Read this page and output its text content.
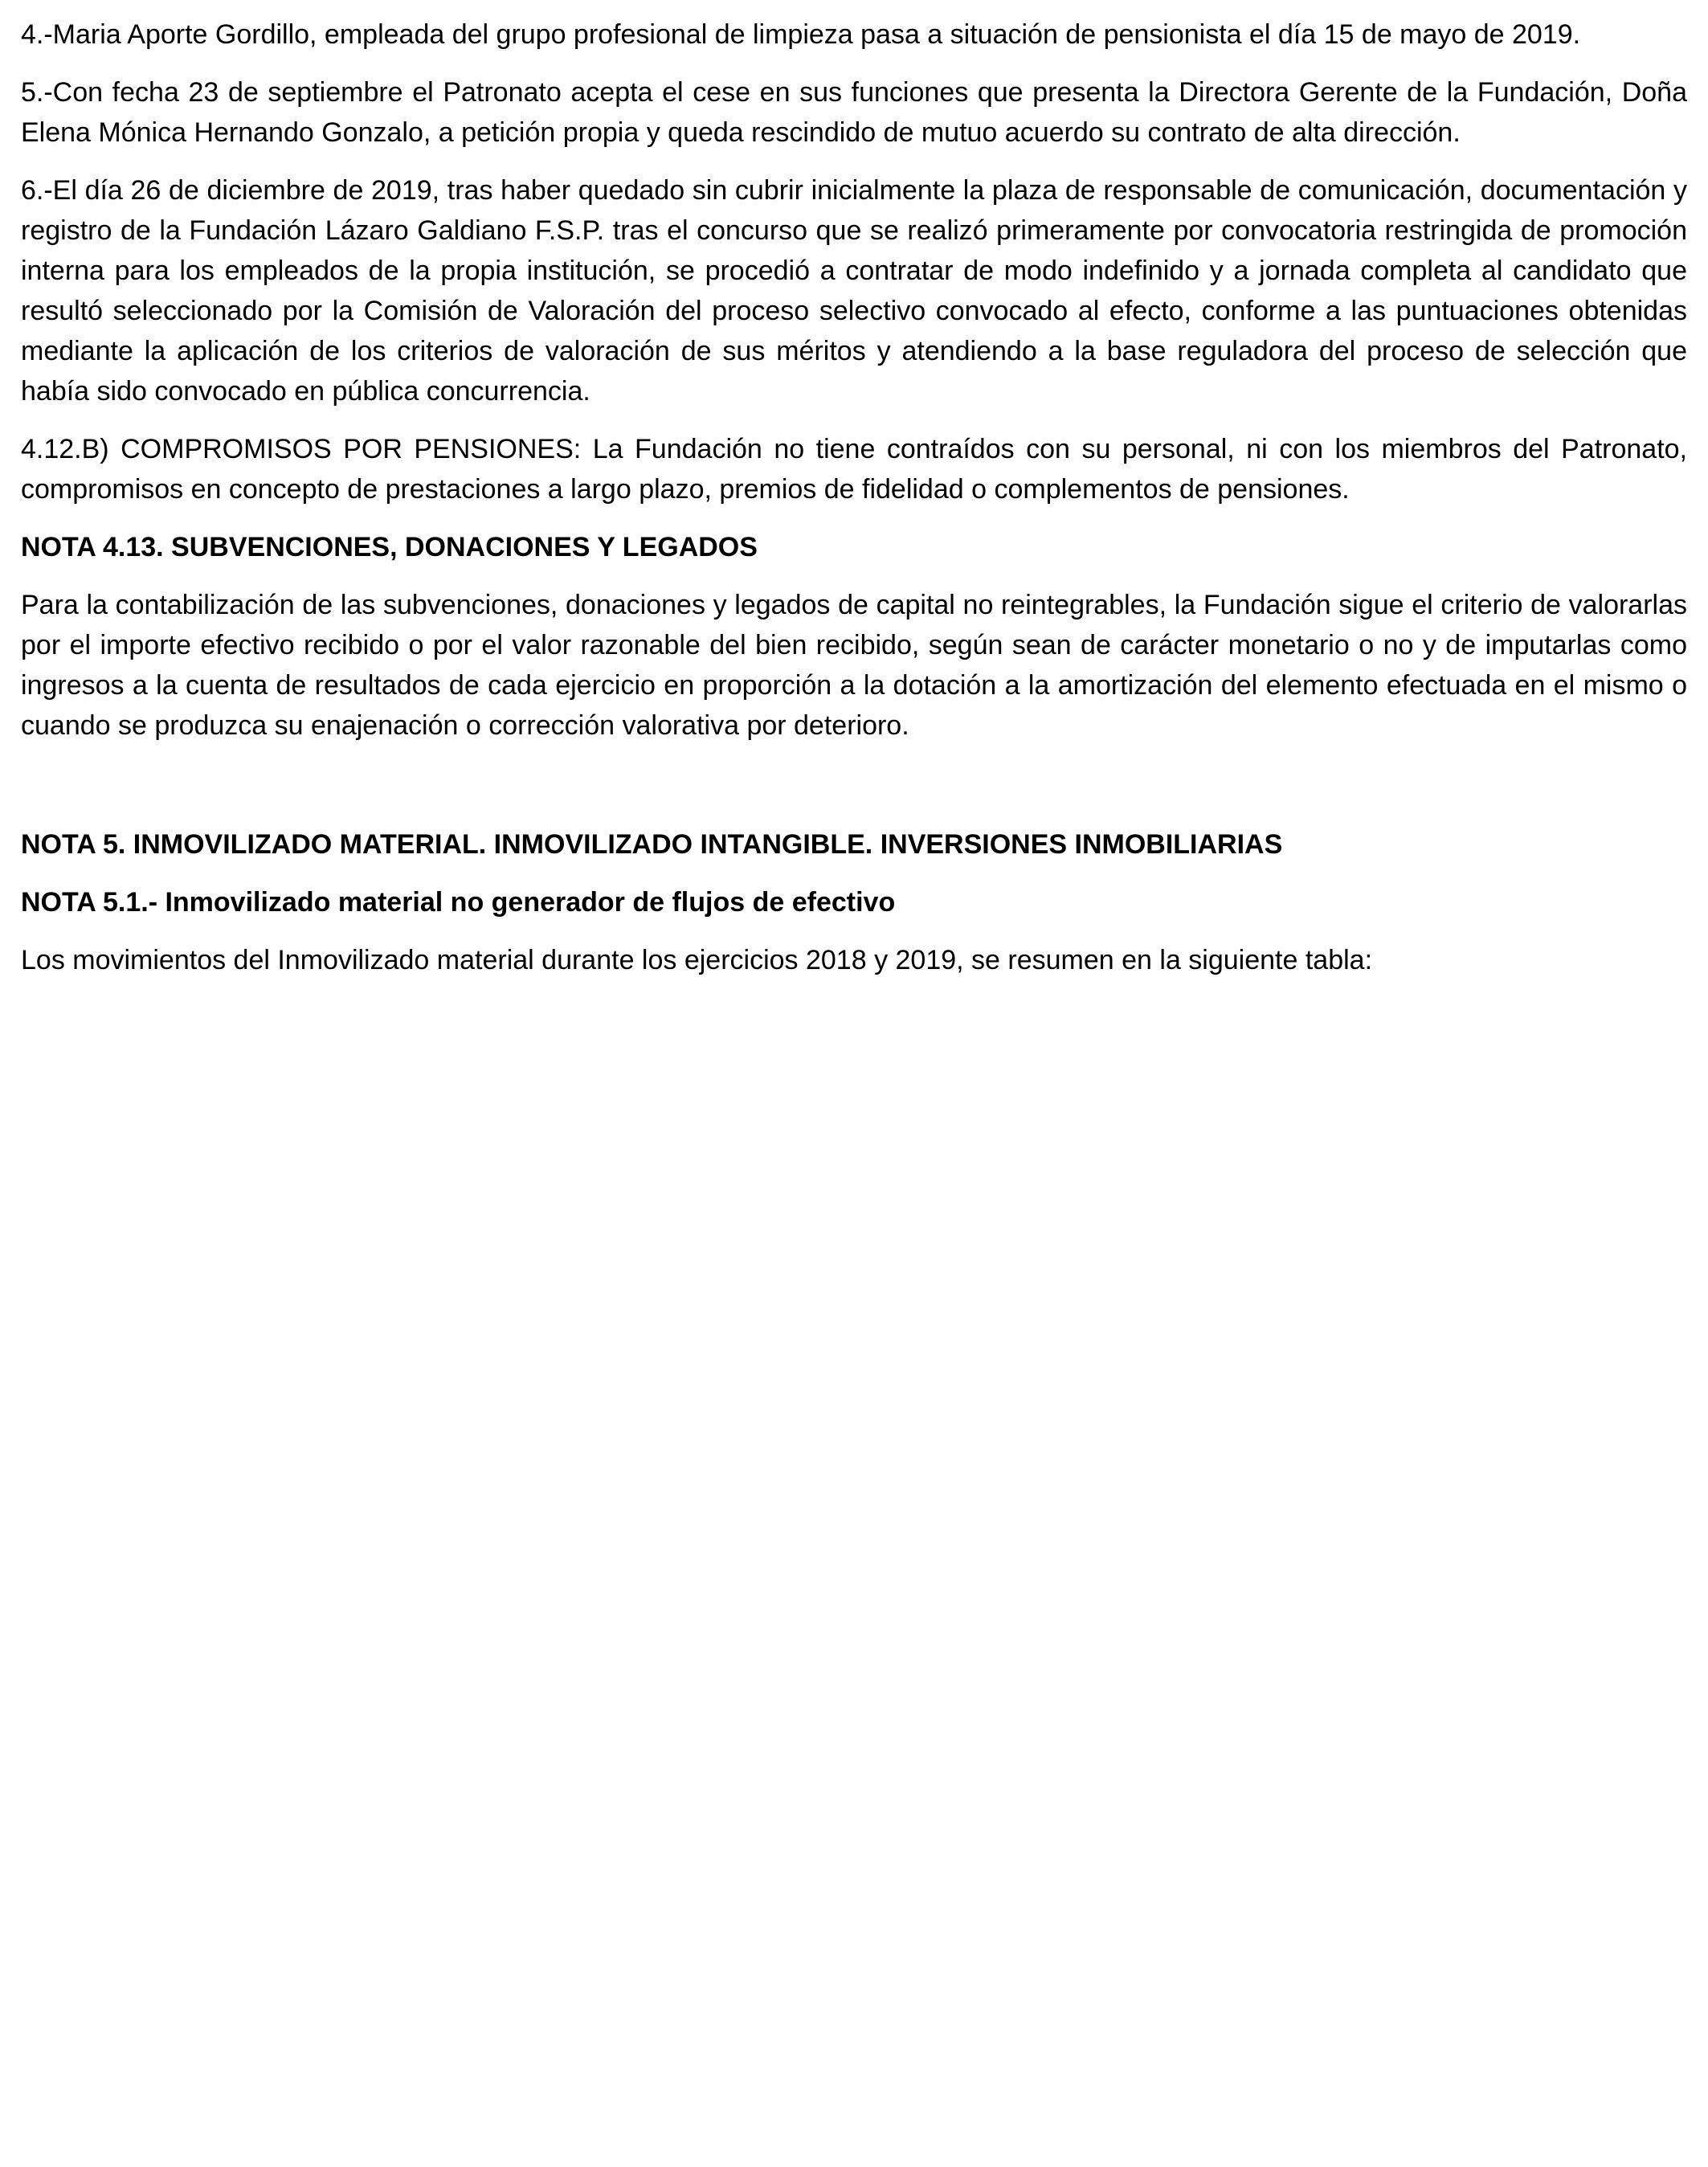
4.-Maria Aporte Gordillo, empleada del grupo profesional de limpieza pasa a situación de pensionista el día 15 de mayo de 2019.

5.-Con fecha 23 de septiembre el Patronato acepta el cese en sus funciones que presenta la Directora Gerente de la Fundación, Doña Elena Mónica Hernando Gonzalo, a petición propia y queda rescindido de mutuo acuerdo su contrato de alta dirección.

6.-El día 26 de diciembre de 2019, tras haber quedado sin cubrir inicialmente la plaza de responsable de comunicación, documentación y registro de la Fundación Lázaro Galdiano F.S.P. tras el concurso que se realizó primeramente por convocatoria restringida de promoción interna para los empleados de la propia institución, se procedió a contratar de modo indefinido y a jornada completa al candidato que resultó seleccionado por la Comisión de Valoración del proceso selectivo convocado al efecto, conforme a las puntuaciones obtenidas mediante la aplicación de los criterios de valoración de sus méritos y atendiendo a la base reguladora del proceso de selección que había sido convocado en pública concurrencia.

4.12.B) COMPROMISOS POR PENSIONES: La Fundación no tiene contraídos con su personal, ni con los miembros del Patronato, compromisos en concepto de prestaciones a largo plazo, premios de fidelidad o complementos de pensiones.

NOTA 4.13. SUBVENCIONES, DONACIONES Y LEGADOS

Para la contabilización de las subvenciones, donaciones y legados de capital no reintegrables, la Fundación sigue el criterio de valorarlas por el importe efectivo recibido o por el valor razonable del bien recibido, según sean de carácter monetario o no y de imputarlas como ingresos a la cuenta de resultados de cada ejercicio en proporción a la dotación a la amortización del elemento efectuada en el mismo o cuando se produzca su enajenación o corrección valorativa por deterioro.

NOTA 5. INMOVILIZADO MATERIAL. INMOVILIZADO INTANGIBLE. INVERSIONES INMOBILIARIAS

NOTA 5.1.- Inmovilizado material no generador de flujos de efectivo

Los movimientos del Inmovilizado material durante los ejercicios 2018 y 2019, se resumen en la siguiente tabla:
